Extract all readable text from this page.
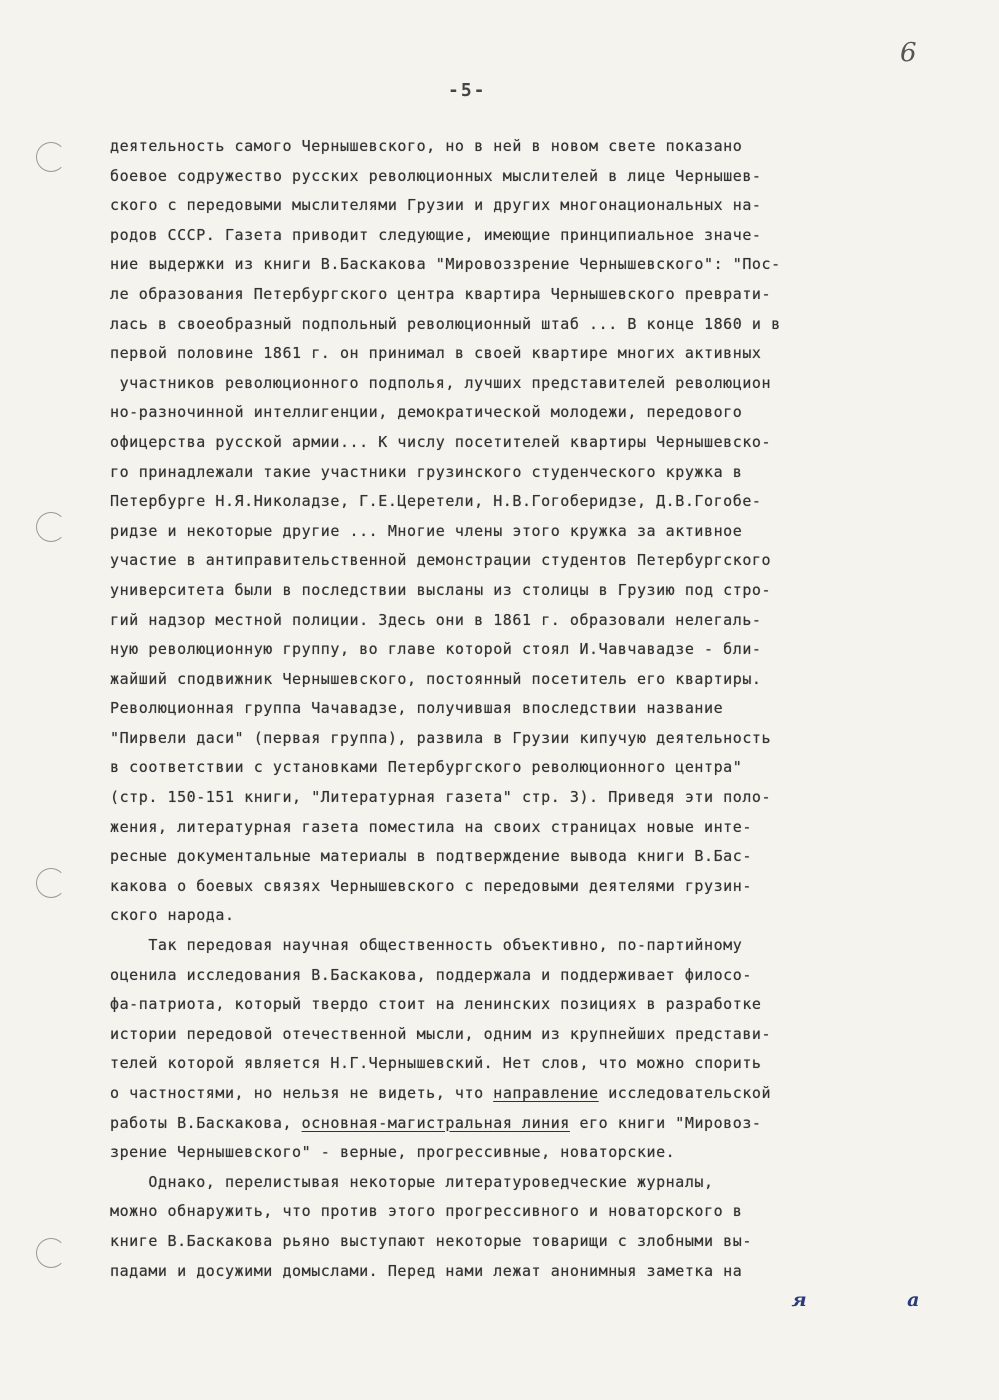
6
-5-
деятельность самого Чернышевского, но в ней в новом свете показано
боевое содружество русских революционных мыслителей в лице Чернышев-
ского с передовыми мыслителями Грузии и других многонациональных на-
родов СССР. Газета приводит следующие, имеющие принципиальное значе-
ние выдержки из книги В.Баскакова "Мировоззрение Чернышевского": "Пос-
ле образования Петербургского центра квартира Чернышевского преврати-
лась в своеобразный подпольный революционный штаб ... В конце 1860 и в
первой половине 1861 г. он принимал в своей квартире многих активных
участников революционного подполья, лучших представителей революцион
но-разночинной интеллигенции, демократической молодежи, передового
офицерства русской армии... К числу посетителей квартиры Чернышевско-
го принадлежали такие участники грузинского студенческого кружка в
Петербурге Н.Я.Николадзе, Г.Е.Церетели, Н.В.Гогоберидзе, Д.В.Гогобе-
ридзе и некоторые другие ... Многие члены этого кружка за активное
участие в антиправительственной демонстрации студентов Петербургского
университета были в последствии высланы из столицы в Грузию под стро-
гий надзор местной полиции. Здесь они в 1861 г. образовали нелегаль-
ную революционную группу, во главе которой стоял И.Чавчавадзе - бли-
жайший сподвижник Чернышевского, постоянный посетитель его квартиры.
Революционная группа Чачавадзе, получившая впоследствии название
"Пирвели даси" (первая группа), развила в Грузии кипучую деятельность
в соответствии с установками Петербургского революционного центра"
(стр. 150-151 книги, "Литературная газета" стр. 3). Приведя эти поло-
жения, литературная газета поместила на своих страницах новые инте-
ресные документальные материалы в подтверждение вывода книги В.Бас-
какова о боевых связях Чернышевского с передовыми деятелями грузин-
ского народа.
Так передовая научная общественность объективно, по-партийному
оценила исследования В.Баскакова, поддержала и поддерживает филосо-
фа-патриота, который твердо стоит на ленинских позициях в разработке
истории передовой отечественной мысли, одним из крупнейших представи-
телей которой является Н.Г.Чернышевский. Нет слов, что можно спорить
о частностями, но нельзя не видеть, что направление исследовательской
работы В.Баскакова, основная-магистральная линия его книги "Мировоз-
зрение Чернышевского" - верные, прогрессивные, новаторские.
Однако, перелистывая некоторые литературоведческие журналы,
можно обнаружить, что против этого прогрессивного и новаторского в
книге В.Баскакова рьяно выступают некоторые товарищи с злобными вы-
падами и досужими домыслами. Перед нами лежат анонимныя заметка на

я	а
